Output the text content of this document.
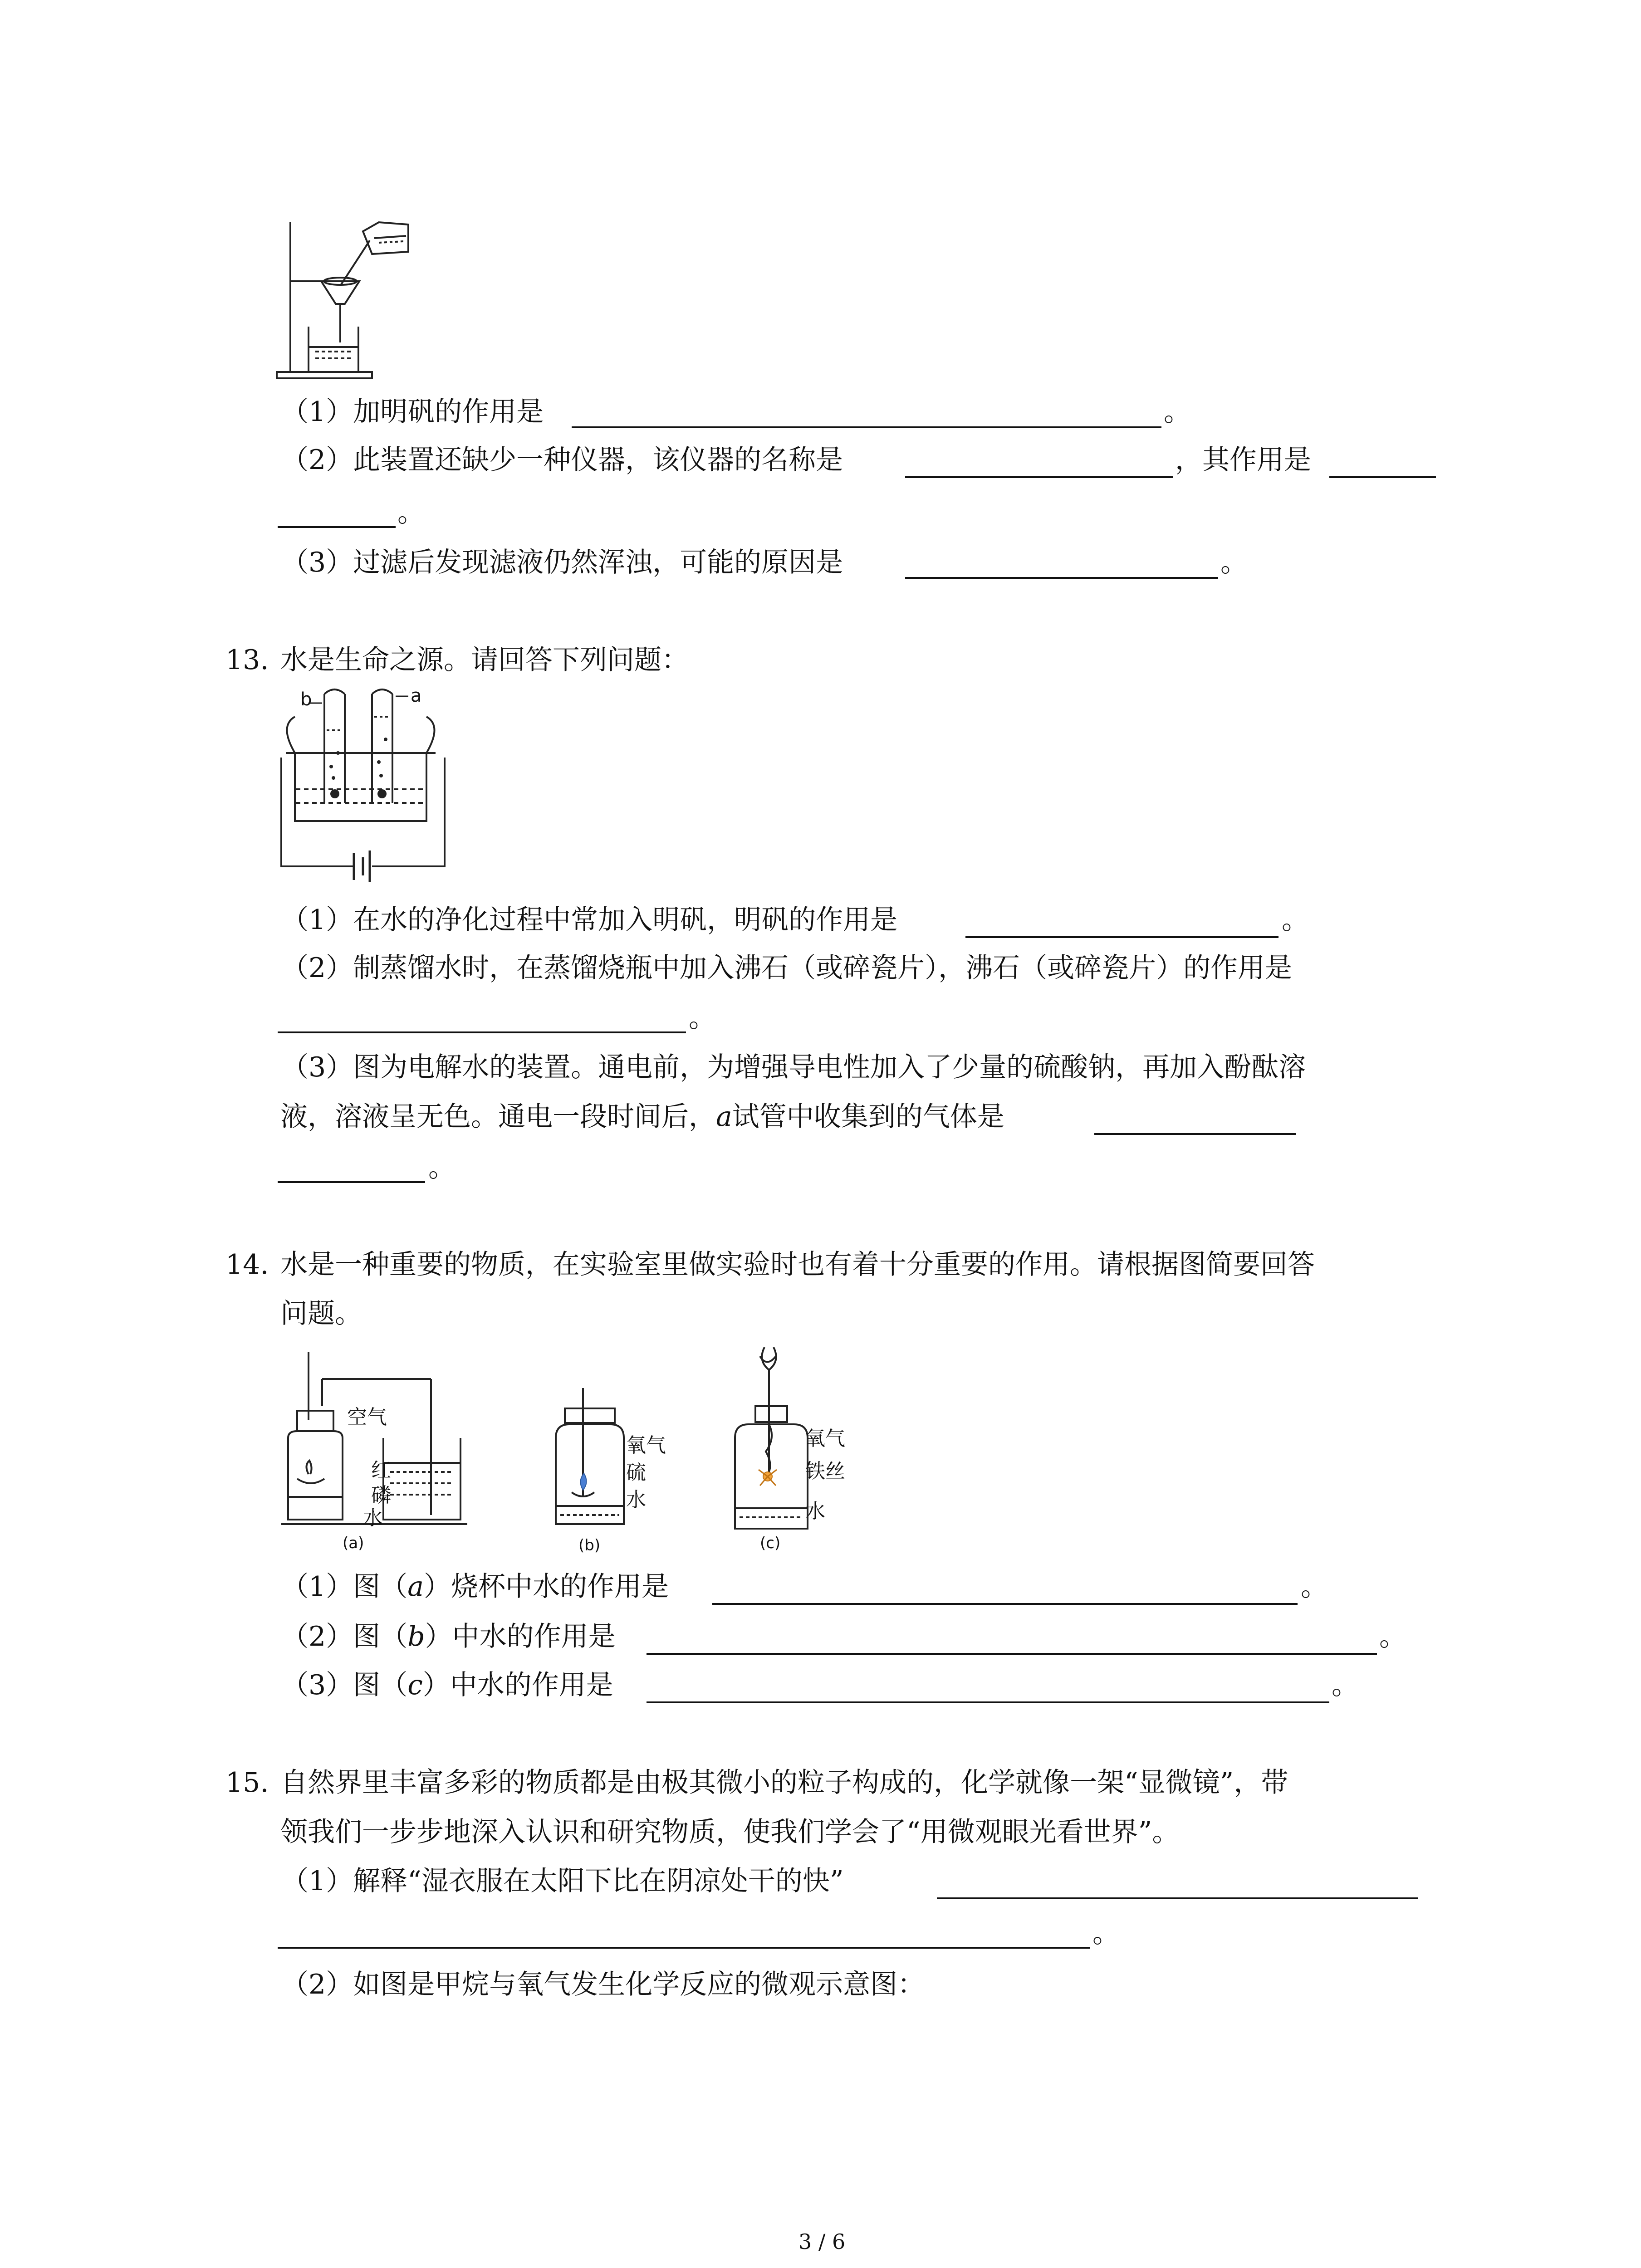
（1）加明矾的作用是	。
（2）此装置还缺少一种仪器，该仪器的名称是	，其作用是
。
（3）过滤后发现滤液仍然浑浊，可能的原因是	。
13. 水是生命之源。请回答下列问题：
b	a
（1）在水的净化过程中常加入明矾，明矾的作用是	。
（2）制蒸馏水时，在蒸馏烧瓶中加入沸石（或碎瓷片），沸石（或碎瓷片）的作用是
。
（3）图为电解水的装置。通电前，为增强导电性加入了少量的硫酸钠，再加入酚酞溶
液，溶液呈无色。通电一段时间后，a试管中收集到的气体是
。
14. 水是一种重要的物质，在实验室里做实验时也有着十分重要的作用。请根据图简要回答
问题。
空气
红
磷
水
(a)
氧气
硫
水
(b)
氧气
铁丝
水
(c)
（1）图（a）烧杯中水的作用是	。
（2）图（b）中水的作用是	。
（3）图（c）中水的作用是	。
15. 自然界里丰富多彩的物质都是由极其微小的粒子构成的，化学就像一架“显微镜”，带
领我们一步步地深入认识和研究物质，使我们学会了“用微观眼光看世界”。
（1）解释“湿衣服在太阳下比在阴凉处干的快”
。
（2）如图是甲烷与氧气发生化学反应的微观示意图：
3 / 6
